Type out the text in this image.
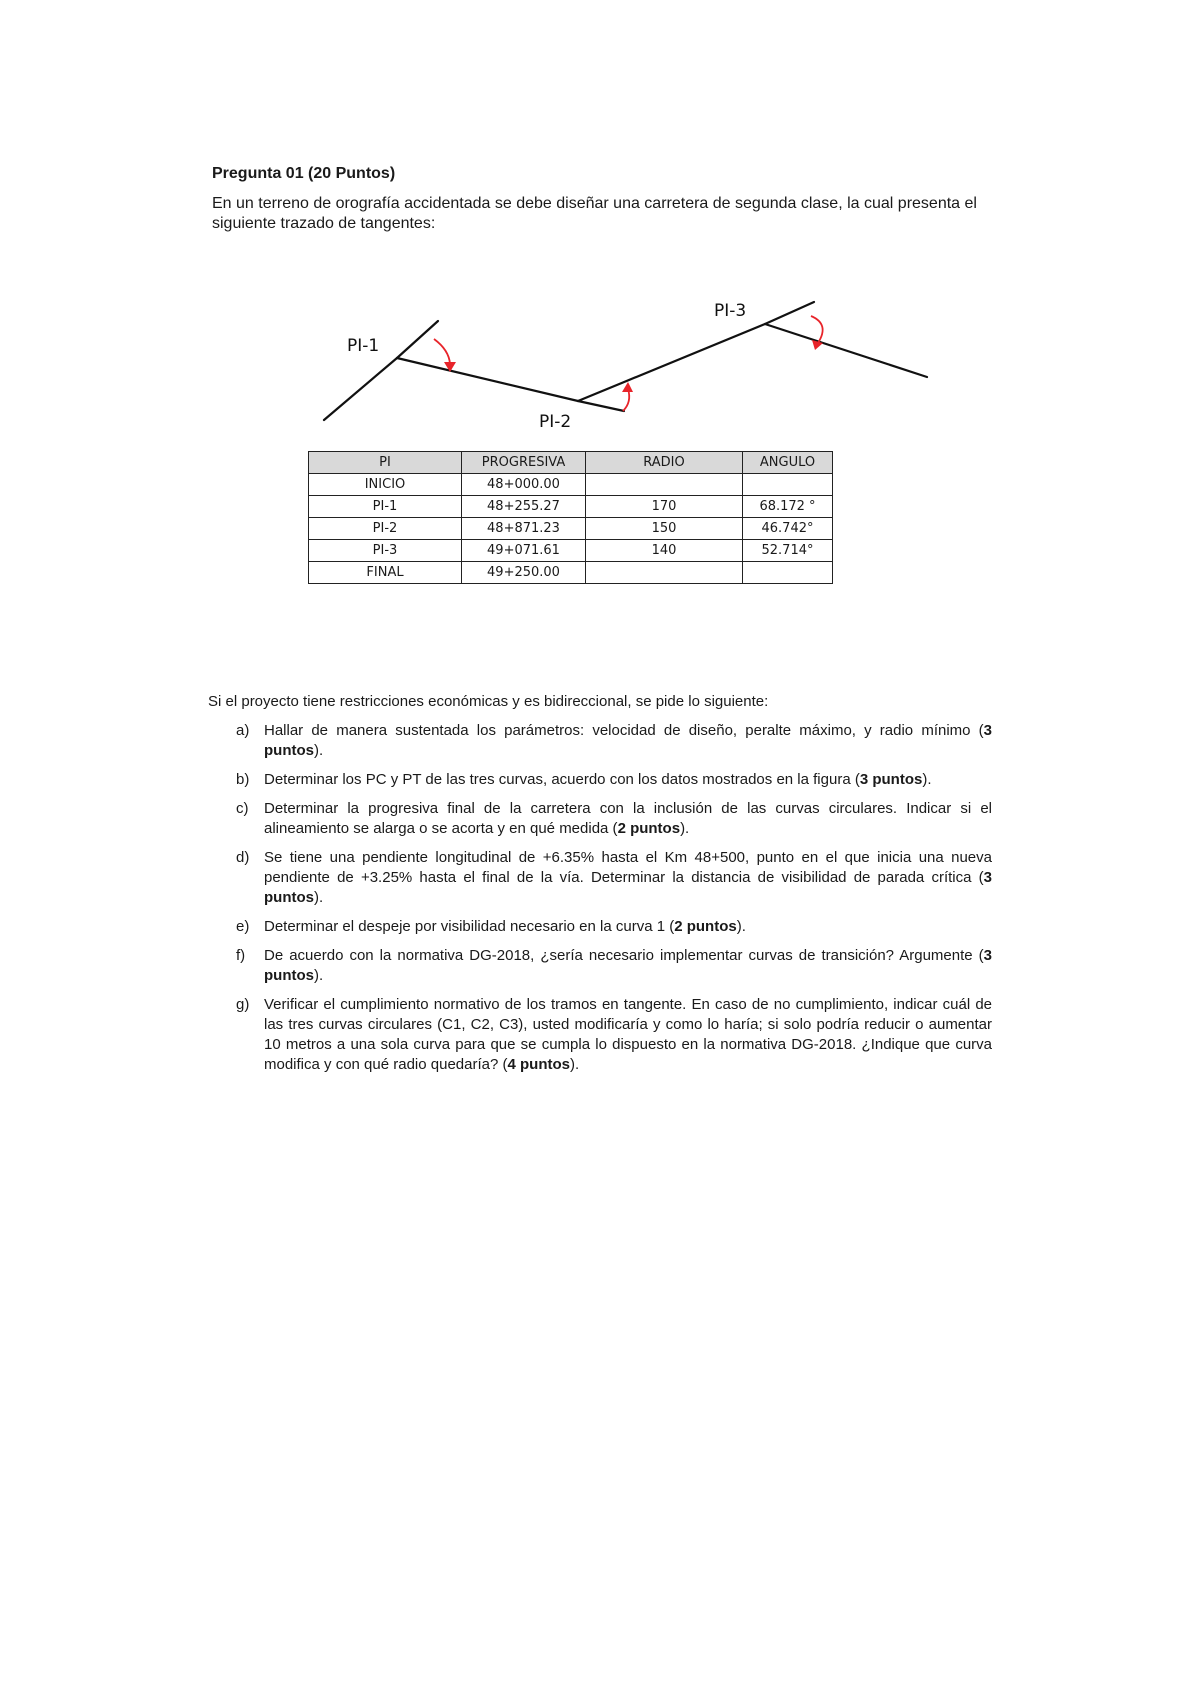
Pregunta 01 (20 Puntos)
En un terreno de orografía accidentada se debe diseñar una carretera de segunda clase, la cual presenta el siguiente trazado de tangentes:
PI-1
PI-2
PI-3
PI	PROGRESIVA	RADIO	ANGULO
INICIO	48+000.00		
PI-1	48+255.27	170	68.172 °
PI-2	48+871.23	150	46.742°
PI-3	49+071.61	140	52.714°
FINAL	49+250.00		
Si el proyecto tiene restricciones económicas y es bidireccional, se pide lo siguiente:
a) Hallar de manera sustentada los parámetros: velocidad de diseño, peralte máximo, y radio mínimo (3 puntos).
b) Determinar los PC y PT de las tres curvas, acuerdo con los datos mostrados en la figura (3 puntos).
c) Determinar la progresiva final de la carretera con la inclusión de las curvas circulares. Indicar si el alineamiento se alarga o se acorta y en qué medida (2 puntos).
d) Se tiene una pendiente longitudinal de +6.35% hasta el Km 48+500, punto en el que inicia una nueva pendiente de +3.25% hasta el final de la vía. Determinar la distancia de visibilidad de parada crítica (3 puntos).
e) Determinar el despeje por visibilidad necesario en la curva 1 (2 puntos).
f) De acuerdo con la normativa DG-2018, ¿sería necesario implementar curvas de transición? Argumente (3 puntos).
g) Verificar el cumplimiento normativo de los tramos en tangente. En caso de no cumplimiento, indicar cuál de las tres curvas circulares (C1, C2, C3), usted modificaría y como lo haría; si solo podría reducir o aumentar 10 metros a una sola curva para que se cumpla lo dispuesto en la normativa DG-2018. ¿Indique que curva modifica y con qué radio quedaría? (4 puntos).
